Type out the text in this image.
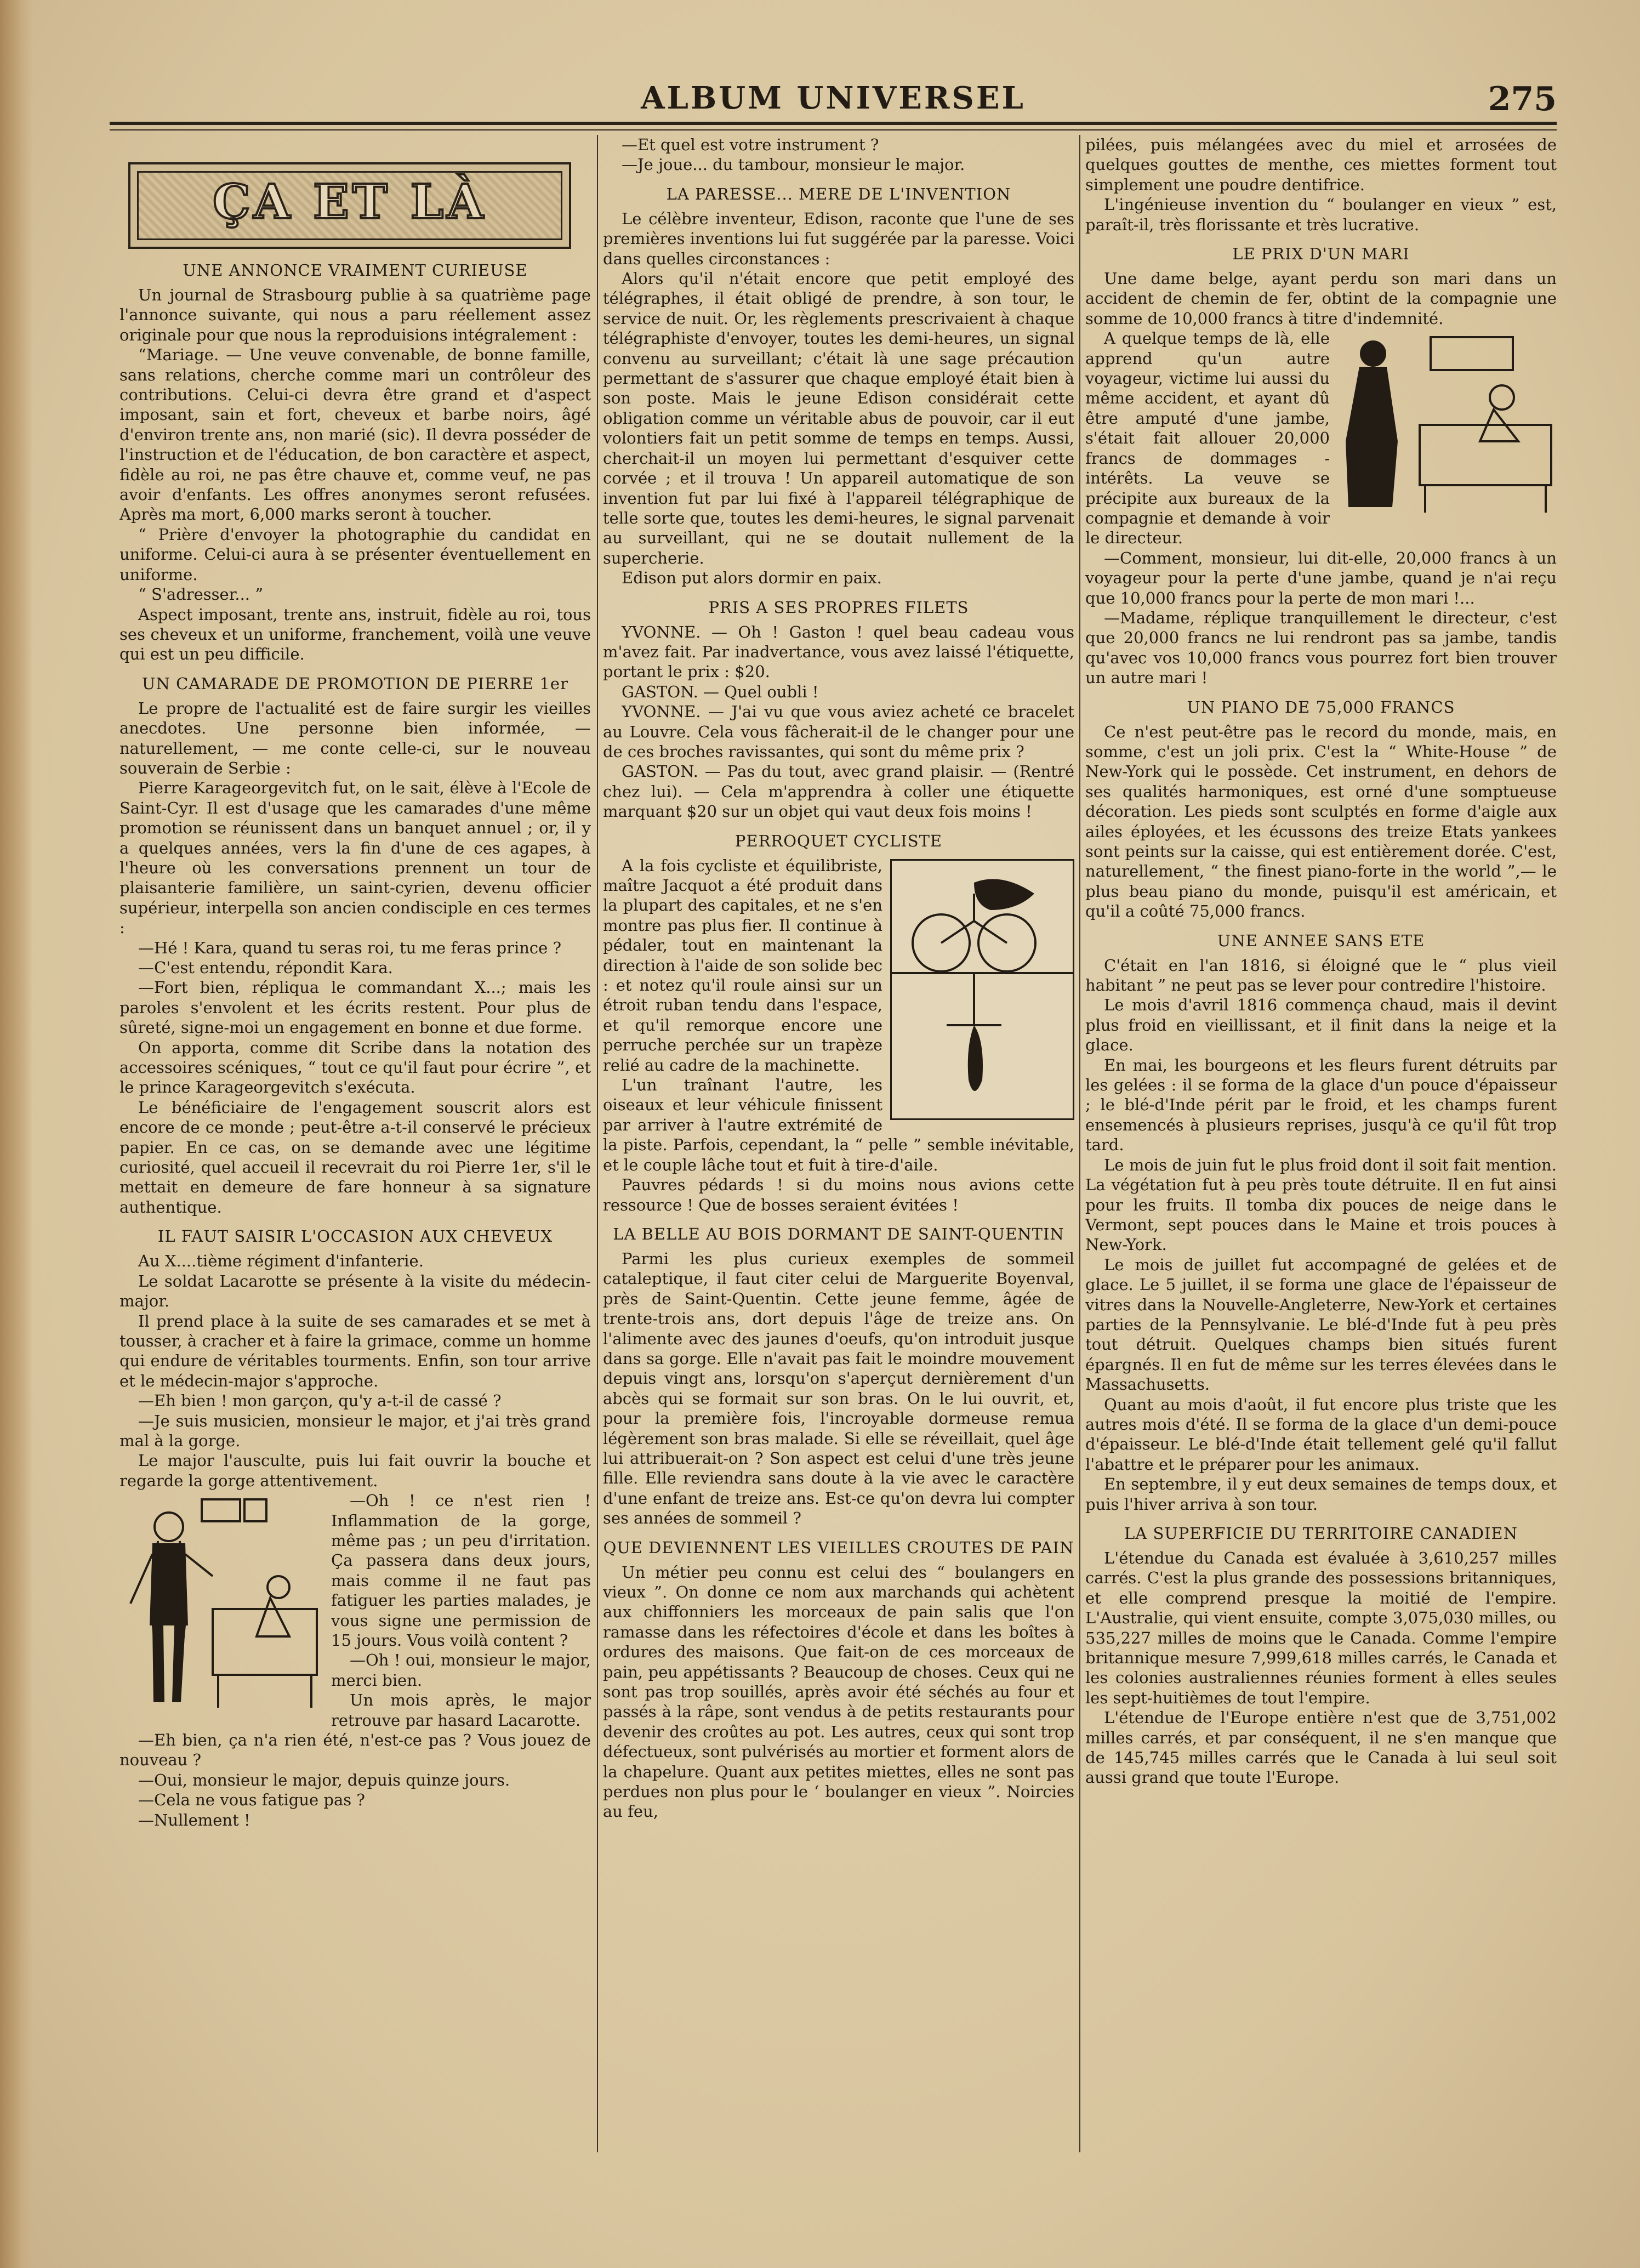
ALBUM UNIVERSEL	275
ÇA ET LÀ
UNE ANNONCE VRAIMENT CURIEUSE

Un journal de Strasbourg publie à sa quatrième page l'annonce suivante, qui nous a paru réellement assez originale pour que nous la reproduisions intégralement :

“Mariage. — Une veuve convenable, de bonne famille, sans relations, cherche comme mari un contrôleur des contributions. Celui-ci devra être grand et d'aspect imposant, sain et fort, cheveux et barbe noirs, âgé d'environ trente ans, non marié (sic). Il devra posséder de l'instruction et de l'éducation, de bon caractère et aspect, fidèle au roi, ne pas être chauve et, comme veuf, ne pas avoir d'enfants. Les offres anonymes seront refusées. Après ma mort, 6,000 marks seront à toucher.

“ Prière d'envoyer la photographie du candidat en uniforme. Celui-ci aura à se présenter éventuellement en uniforme.

“ S'adresser... ”

Aspect imposant, trente ans, instruit, fidèle au roi, tous ses cheveux et un uniforme, franchement, voilà une veuve qui est un peu difficile.

UN CAMARADE DE PROMOTION DE PIERRE 1er

Le propre de l'actualité est de faire surgir les vieilles anecdotes. Une personne bien informée, — naturellement, — me conte celle-ci, sur le nouveau souverain de Serbie :

Pierre Karageorgevitch fut, on le sait, élève à l'Ecole de Saint-Cyr. Il est d'usage que les camarades d'une même promotion se réunissent dans un banquet annuel ; or, il y a quelques années, vers la fin d'une de ces agapes, à l'heure où les conversations prennent un tour de plaisanterie familière, un saint-cyrien, devenu officier supérieur, interpella son ancien condisciple en ces termes :

—Hé ! Kara, quand tu seras roi, tu me feras prince ?

—C'est entendu, répondit Kara.

—Fort bien, répliqua le commandant X...; mais les paroles s'envolent et les écrits restent. Pour plus de sûreté, signe-moi un engagement en bonne et due forme.

On apporta, comme dit Scribe dans la notation des accessoires scéniques, “ tout ce qu'il faut pour écrire ”, et le prince Karageorgevitch s'exécuta.

Le bénéficiaire de l'engagement souscrit alors est encore de ce monde ; peut-être a-t-il conservé le précieux papier. En ce cas, on se demande avec une légitime curiosité, quel accueil il recevrait du roi Pierre 1er, s'il le mettait en demeure de fare honneur à sa signature authentique.

IL FAUT SAISIR L'OCCASION AUX CHEVEUX

Au X....tième régiment d'infanterie.

Le soldat Lacarotte se présente à la visite du médecin-major.

Il prend place à la suite de ses camarades et se met à tousser, à cracher et à faire la grimace, comme un homme qui endure de véritables tourments. Enfin, son tour arrive et le médecin-major s'approche.

—Eh bien ! mon garçon, qu'y a-t-il de cassé ?

—Je suis musicien, monsieur le major, et j'ai très grand mal à la gorge.

Le major l'ausculte, puis lui fait ouvrir la bouche et regarde la gorge attentivement.

—Oh ! ce n'est rien ! Inflammation de la gorge, même pas ; un peu d'irritation. Ça passera dans deux jours, mais comme il ne faut pas fatiguer les parties malades, je vous signe une permission de 15 jours. Vous voilà content ?

—Oh ! oui, monsieur le major, merci bien.

Un mois après, le major retrouve par hasard Lacarotte.

—Eh bien, ça n'a rien été, n'est-ce pas ? Vous jouez de nouveau ?

—Oui, monsieur le major, depuis quinze jours.

—Cela ne vous fatigue pas ?

—Nullement !

—Et quel est votre instrument ?

—Je joue... du tambour, monsieur le major.

LA PARESSE... MERE DE L'INVENTION

Le célèbre inventeur, Edison, raconte que l'une de ses premières inventions lui fut suggérée par la paresse. Voici dans quelles circonstances :

Alors qu'il n'était encore que petit employé des télégraphes, il était obligé de prendre, à son tour, le service de nuit. Or, les règlements prescrivaient à chaque télégraphiste d'envoyer, toutes les demi-heures, un signal convenu au surveillant; c'était là une sage précaution permettant de s'assurer que chaque employé était bien à son poste. Mais le jeune Edison considérait cette obligation comme un véritable abus de pouvoir, car il eut volontiers fait un petit somme de temps en temps. Aussi, cherchait-il un moyen lui permettant d'esquiver cette corvée ; et il trouva ! Un appareil automatique de son invention fut par lui fixé à l'appareil télégraphique de telle sorte que, toutes les demi-heures, le signal parvenait au surveillant, qui ne se doutait nullement de la supercherie.

Edison put alors dormir en paix.

PRIS A SES PROPRES FILETS

YVONNE. — Oh ! Gaston ! quel beau cadeau vous m'avez fait. Par inadvertance, vous avez laissé l'étiquette, portant le prix : $20.

GASTON. — Quel oubli !

YVONNE. — J'ai vu que vous aviez acheté ce bracelet au Louvre. Cela vous fâcherait-il de le changer pour une de ces broches ravissantes, qui sont du même prix ?

GASTON. — Pas du tout, avec grand plaisir. — (Rentré chez lui). — Cela m'apprendra à coller une étiquette marquant $20 sur un objet qui vaut deux fois moins !

PERROQUET CYCLISTE

A la fois cycliste et équilibriste, maître Jacquot a été produit dans la plupart des capitales, et ne s'en montre pas plus fier. Il continue à pédaler, tout en maintenant la direction à l'aide de son solide bec : et notez qu'il roule ainsi sur un étroit ruban tendu dans l'espace, et qu'il remorque encore une perruche perchée sur un trapèze relié au cadre de la machinette.

L'un traînant l'autre, les oiseaux et leur véhicule finissent par arriver à l'autre extrémité de la piste. Parfois, cependant, la “ pelle ” semble inévitable, et le couple lâche tout et fuit à tire-d'aile.

Pauvres pédards ! si du moins nous avions cette ressource ! Que de bosses seraient évitées !

LA BELLE AU BOIS DORMANT DE SAINT-QUENTIN

Parmi les plus curieux exemples de sommeil cataleptique, il faut citer celui de Marguerite Boyenval, près de Saint-Quentin. Cette jeune femme, âgée de trente-trois ans, dort depuis l'âge de treize ans. On l'alimente avec des jaunes d'oeufs, qu'on introduit jusque dans sa gorge. Elle n'avait pas fait le moindre mouvement depuis vingt ans, lorsqu'on s'aperçut dernièrement d'un abcès qui se formait sur son bras. On le lui ouvrit, et, pour la première fois, l'incroyable dormeuse remua légèrement son bras malade. Si elle se réveillait, quel âge lui attribuerait-on ? Son aspect est celui d'une très jeune fille. Elle reviendra sans doute à la vie avec le caractère d'une enfant de treize ans. Est-ce qu'on devra lui compter ses années de sommeil ?

QUE DEVIENNENT LES VIEILLES CROUTES DE PAIN

Un métier peu connu est celui des “ boulangers en vieux ”. On donne ce nom aux marchands qui achètent aux chiffonniers les morceaux de pain salis que l'on ramasse dans les réfectoires d'école et dans les boîtes à ordures des maisons. Que fait-on de ces morceaux de pain, peu appétissants ? Beaucoup de choses. Ceux qui ne sont pas trop souillés, après avoir été séchés au four et passés à la râpe, sont vendus à de petits restaurants pour devenir des croûtes au pot. Les autres, ceux qui sont trop défectueux, sont pulvérisés au mortier et forment alors de la chapelure. Quant aux petites miettes, elles ne sont pas perdues non plus pour le ‘ boulanger en vieux ”. Noircies au feu,

pilées, puis mélangées avec du miel et arrosées de quelques gouttes de menthe, ces miettes forment tout simplement une poudre dentifrice.

L'ingénieuse invention du “ boulanger en vieux ” est, paraît-il, très florissante et très lucrative.

LE PRIX D'UN MARI

Une dame belge, ayant perdu son mari dans un accident de chemin de fer, obtint de la compagnie une somme de 10,000 francs à titre d'indemnité.

A quelque temps de là, elle apprend qu'un autre voyageur, victime lui aussi du même accident, et ayant dû être amputé d'une jambe, s'était fait allouer 20,000 francs de dommages - intérêts. La veuve se précipite aux bureaux de la compagnie et demande à voir le directeur.

—Comment, monsieur, lui dit-elle, 20,000 francs à un voyageur pour la perte d'une jambe, quand je n'ai reçu que 10,000 francs pour la perte de mon mari !...

—Madame, réplique tranquillement le directeur, c'est que 20,000 francs ne lui rendront pas sa jambe, tandis qu'avec vos 10,000 francs vous pourrez fort bien trouver un autre mari !

UN PIANO DE 75,000 FRANCS

Ce n'est peut-être pas le record du monde, mais, en somme, c'est un joli prix. C'est la “ White-House ” de New-York qui le possède. Cet instrument, en dehors de ses qualités harmoniques, est orné d'une somptueuse décoration. Les pieds sont sculptés en forme d'aigle aux ailes éployées, et les écussons des treize Etats yankees sont peints sur la caisse, qui est entièrement dorée. C'est, naturellement, “ the finest piano-forte in the world ”,— le plus beau piano du monde, puisqu'il est américain, et qu'il a coûté 75,000 francs.

UNE ANNEE SANS ETE

C'était en l'an 1816, si éloigné que le “ plus vieil habitant ” ne peut pas se lever pour contredire l'histoire.

Le mois d'avril 1816 commença chaud, mais il devint plus froid en vieillissant, et il finit dans la neige et la glace.

En mai, les bourgeons et les fleurs furent détruits par les gelées : il se forma de la glace d'un pouce d'épaisseur ; le blé-d'Inde périt par le froid, et les champs furent ensemencés à plusieurs reprises, jusqu'à ce qu'il fût trop tard.

Le mois de juin fut le plus froid dont il soit fait mention. La végétation fut à peu près toute détruite. Il en fut ainsi pour les fruits. Il tomba dix pouces de neige dans le Vermont, sept pouces dans le Maine et trois pouces à New-York.

Le mois de juillet fut accompagné de gelées et de glace. Le 5 juillet, il se forma une glace de l'épaisseur de vitres dans la Nouvelle-Angleterre, New-York et certaines parties de la Pennsylvanie. Le blé-d'Inde fut à peu près tout détruit. Quelques champs bien situés furent épargnés. Il en fut de même sur les terres élevées dans le Massachusetts.

Quant au mois d'août, il fut encore plus triste que les autres mois d'été. Il se forma de la glace d'un demi-pouce d'épaisseur. Le blé-d'Inde était tellement gelé qu'il fallut l'abattre et le préparer pour les animaux.

En septembre, il y eut deux semaines de temps doux, et puis l'hiver arriva à son tour.

LA SUPERFICIE DU TERRITOIRE CANADIEN

L'étendue du Canada est évaluée à 3,610,257 milles carrés. C'est la plus grande des possessions britanniques, et elle comprend presque la moitié de l'empire. L'Australie, qui vient ensuite, compte 3,075,030 milles, ou 535,227 milles de moins que le Canada. Comme l'empire britannique mesure 7,999,618 milles carrés, le Canada et les colonies australiennes réunies forment à elles seules les sept-huitièmes de tout l'empire.

L'étendue de l'Europe entière n'est que de 3,751,002 milles carrés, et par conséquent, il ne s'en manque que de 145,745 milles carrés que le Canada à lui seul soit aussi grand que toute l'Europe.
